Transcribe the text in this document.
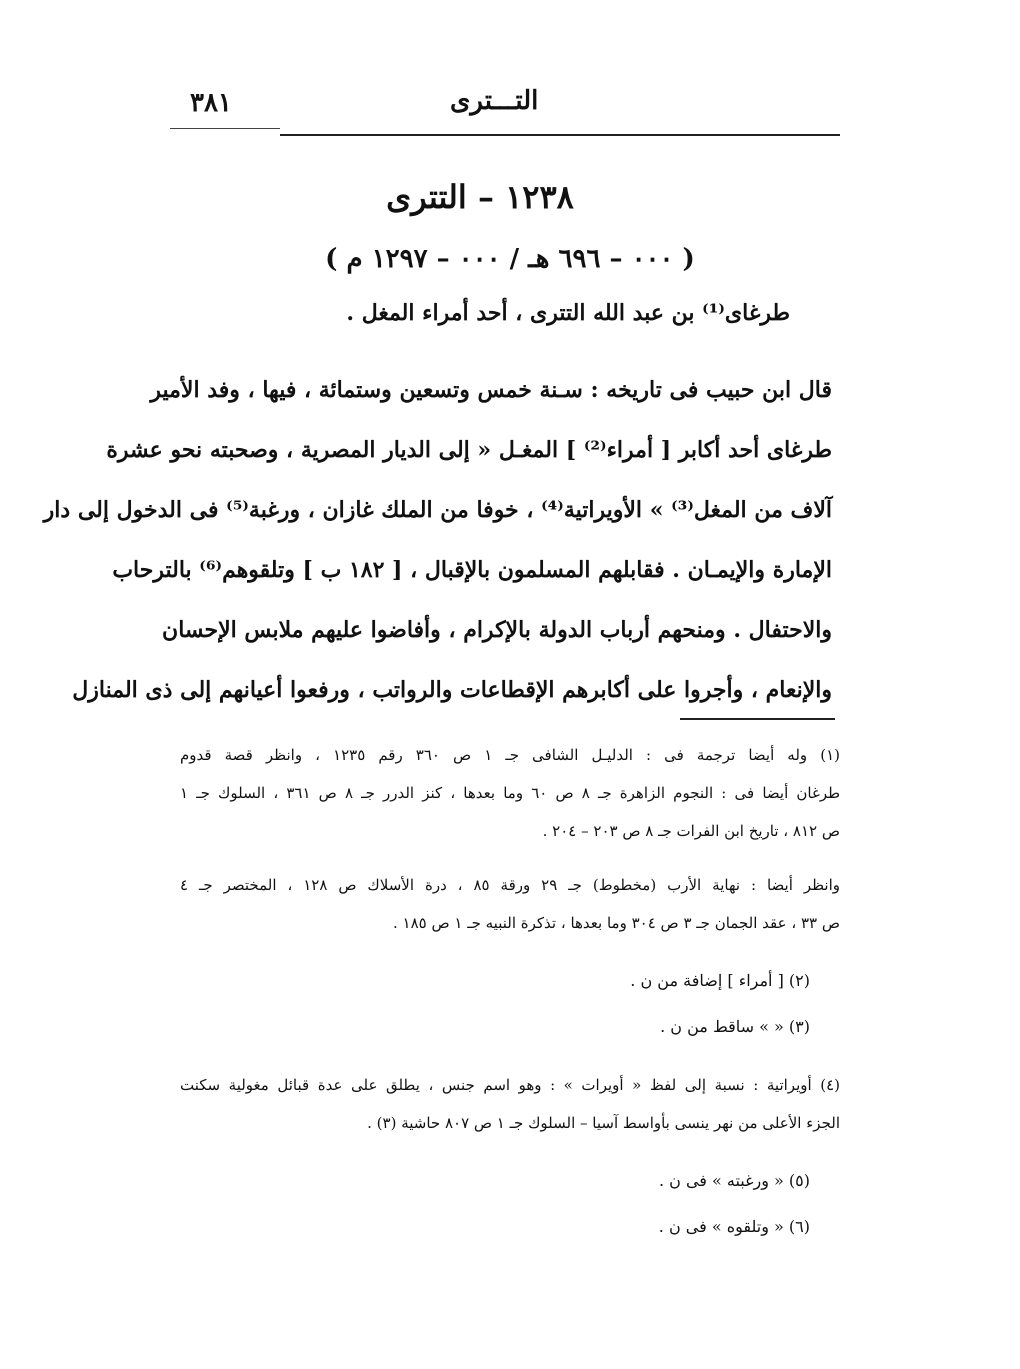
٣٨١	التـــترى
١٢٣٨ – التترى
( ٠٠٠ – ٦٩٦ هـ / ٠٠٠ – ١٢٩٧ م )
طرغاى⁽¹⁾ بن عبد الله التترى ، أحد أمراء المغل .
قال ابن حبيب فى تاريخه : سـنة خمس وتسعين وستمائة ، فيها ، وفد الأمير
طرغاى أحد أكابر [ أمراء⁽²⁾ ] المغـل « إلى الديار المصرية ، وصحبته نحو عشرة
آلاف من المغل⁽³⁾ » الأويراتية⁽⁴⁾ ، خوفا من الملك غازان ، ورغبة⁽⁵⁾ فى الدخول إلى دار
الإمارة والإيمـان . فقابلهم المسلمون بالإقبال ، [ ١٨٢ ب ] وتلقوهم⁽⁶⁾ بالترحاب
والاحتفال . ومنحهم أرباب الدولة بالإكرام ، وأفاضوا عليهم ملابس الإحسان
والإنعام ، وأجروا على أكابرهم الإقطاعات والرواتب ، ورفعوا أعيانهم إلى ذى المنازل
(١) وله أيضا ترجمة فى : الدليـل الشافى جـ ١ ص ٣٦٠ رقم ١٢٣٥ ، وانظر قصة قدوم
طرغان أيضا فى : النجوم الزاهرة جـ ٨ ص ٦٠ وما بعدها ، كنز الدرر جـ ٨ ص ٣٦١ ، السلوك جـ ١
ص ٨١٢ ، تاريخ ابن الفرات جـ ٨ ص ٢٠٣ – ٢٠٤ .
وانظر أيضا : نهاية الأرب (مخطوط) جـ ٢٩ ورقة ٨٥ ، درة الأسلاك ص ١٢٨ ، المختصر جـ ٤
ص ٣٣ ، عقد الجمان جـ ٣ ص ٣٠٤ وما بعدها ، تذكرة النبيه جـ ١ ص ١٨٥ .
(٢) [ أمراء ] إضافة من ن .
(٣) « » ساقط من ن .
(٤) أويراتية : نسبة إلى لفظ « أويرات » : وهو اسم جنس ، يطلق على عدة قبائل مغولية سكنت
الجزء الأعلى من نهر ينسى بأواسط آسيا – السلوك جـ ١ ص ٨٠٧ حاشية (٣) .
(٥) « ورغبته » فى ن .
(٦) « وتلقوه » فى ن .
